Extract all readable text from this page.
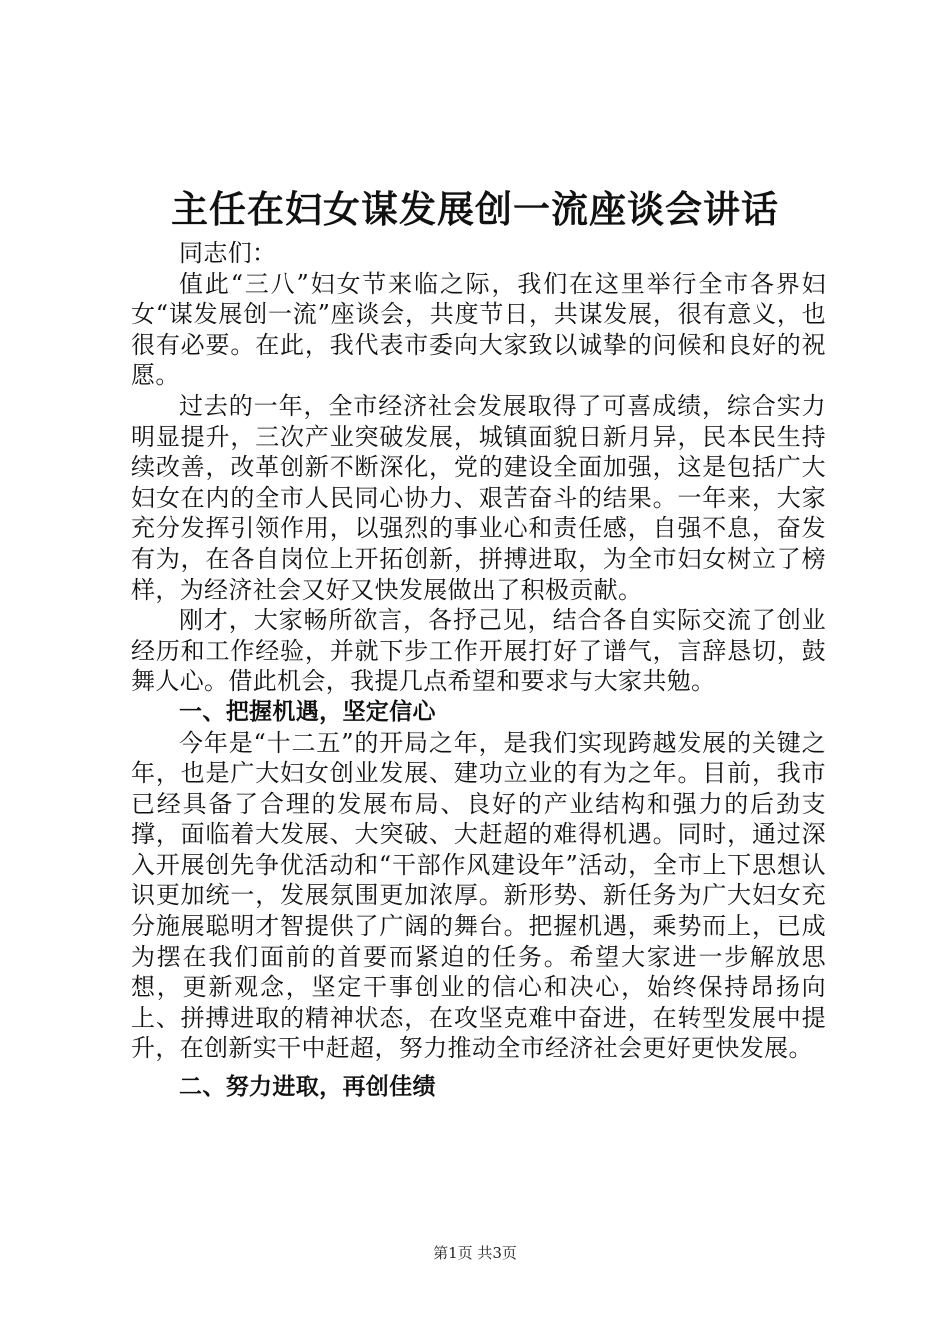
主任在妇女谋发展创一流座谈会讲话

同志们：

值此“三八”妇女节来临之际，我们在这里举行全市各界妇女“谋发展创一流”座谈会，共度节日，共谋发展，很有意义，也很有必要。在此，我代表市委向大家致以诚挚的问候和良好的祝愿。

过去的一年，全市经济社会发展取得了可喜成绩，综合实力明显提升，三次产业突破发展，城镇面貌日新月异，民本民生持续改善，改革创新不断深化，党的建设全面加强，这是包括广大妇女在内的全市人民同心协力、艰苦奋斗的结果。一年来，大家充分发挥引领作用，以强烈的事业心和责任感，自强不息，奋发有为，在各自岗位上开拓创新，拼搏进取，为全市妇女树立了榜样，为经济社会又好又快发展做出了积极贡献。

刚才，大家畅所欲言，各抒己见，结合各自实际交流了创业经历和工作经验，并就下步工作开展打好了谱气，言辞恳切，鼓舞人心。借此机会，我提几点希望和要求与大家共勉。

一、把握机遇，坚定信心

今年是“十二五”的开局之年，是我们实现跨越发展的关键之年，也是广大妇女创业发展、建功立业的有为之年。目前，我市已经具备了合理的发展布局、良好的产业结构和强力的后劲支撑，面临着大发展、大突破、大赶超的难得机遇。同时，通过深入开展创先争优活动和“干部作风建设年”活动，全市上下思想认识更加统一，发展氛围更加浓厚。新形势、新任务为广大妇女充分施展聪明才智提供了广阔的舞台。把握机遇，乘势而上，已成为摆在我们面前的首要而紧迫的任务。希望大家进一步解放思想，更新观念，坚定干事创业的信心和决心，始终保持昂扬向上、拼搏进取的精神状态，在攻坚克难中奋进，在转型发展中提升，在创新实干中赶超，努力推动全市经济社会更好更快发展。

二、努力进取，再创佳绩

第1页 共3页
